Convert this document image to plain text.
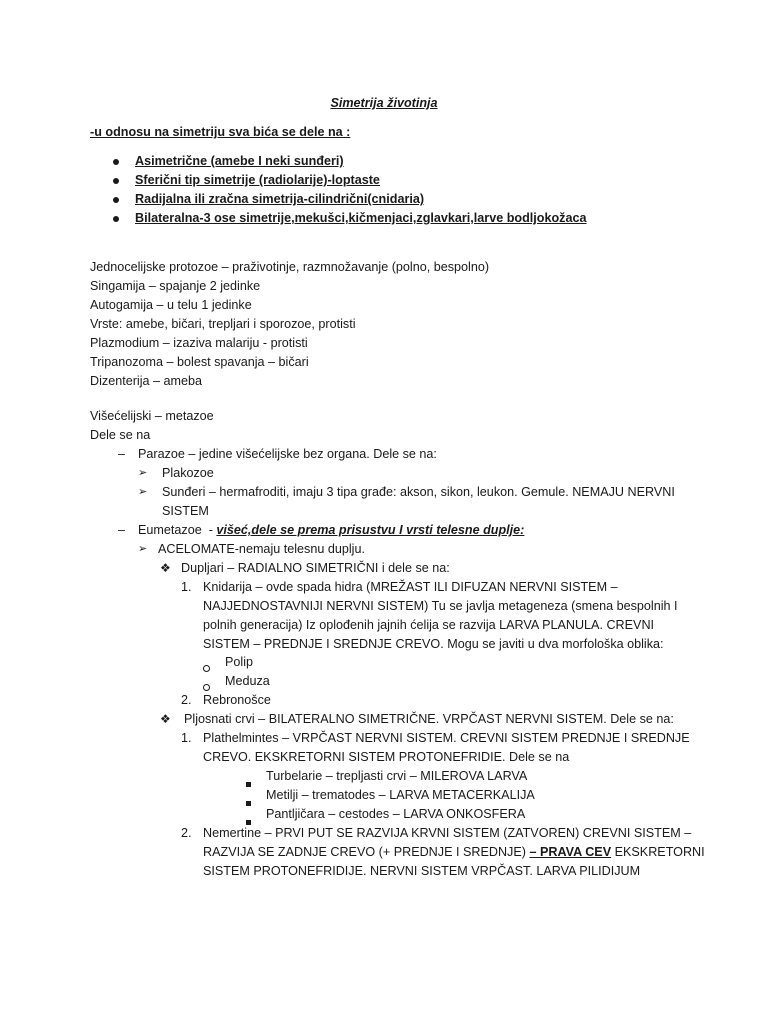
Simetrija životinja
-u odnosu na simetriju sva bića se dele na :
Asimetrične (amebe I neki sunđeri)
Sferični tip simetrije (radiolarije)-loptaste
Radijalna ili zračna simetrija-cilindrični(cnidaria)
Bilateralna-3 ose simetrije,mekušci,kičmenjaci,zglavkari,larve bodljokožaca
Jednocelijske protozoe – praživotinje, razmnožavanje (polno, bespolno)
Singamija – spajanje 2 jedinke
Autogamija – u telu 1 jedinke
Vrste: amebe, bičari, trepljari i sporozoe, protisti
Plazmodium – izaziva malariju - protisti
Tripanozoma – bolest spavanja – bičari
Dizenterija – ameba
Višećelijski – metazoe
Dele se na
– Parazoe – jedine višećelijske bez organa. Dele se na:
➢ Plakozoe
➢ Sunđeri – hermafroditi, imaju 3 tipa građe: akson, sikon, leukon. Gemule. NEMAJU NERVNI
SISTEM
– Eumetazoe  - višeć,dele se prema prisustvu I vrsti telesne duplje:
➢ ACELOMATE-nemaju telesnu duplju.
❖ Dupljari – RADIALNO SIMETRIČNI i dele se na:
1. Knidarija – ovde spada hidra (MREŽAST ILI DIFUZAN NERVNI SISTEM –
NAJJEDNOSTAVNIJI NERVNI SISTEM) Tu se javlja metageneza (smena bespolnih I
polnih generacija) Iz oplođenih jajnih ćelija se razvija LARVA PLANULA. CREVNI
SISTEM – PREDNJE I SREDNJE CREVO. Mogu se javiti u dva morfološka oblika:
Polip
Meduza
2. Rebronošce
❖ Pljosnati crvi – BILATERALNO SIMETRIČNE. VRPČAST NERVNI SISTEM. Dele se na:
1. Plathelmintes – VRPČAST NERVNI SISTEM. CREVNI SISTEM PREDNJE I SREDNJE
CREVO. EKSKRETORNI SISTEM PROTONEFRIDIE. Dele se na
Turbelarie – trepljasti crvi – MILEROVA LARVA
Metilji – trematodes – LARVA METACERKALIJA
Pantljičara – cestodes – LARVA ONKOSFERA
2. Nemertine – PRVI PUT SE RAZVIJA KRVNI SISTEM (ZATVOREN) CREVNI SISTEM –
RAZVIJA SE ZADNJE CREVO (+ PREDNJE I SREDNJE) – PRAVA CEV EKSKRETORNI
SISTEM PROTONEFRIDIJE. NERVNI SISTEM VRPČAST. LARVA PILIDIJUM
